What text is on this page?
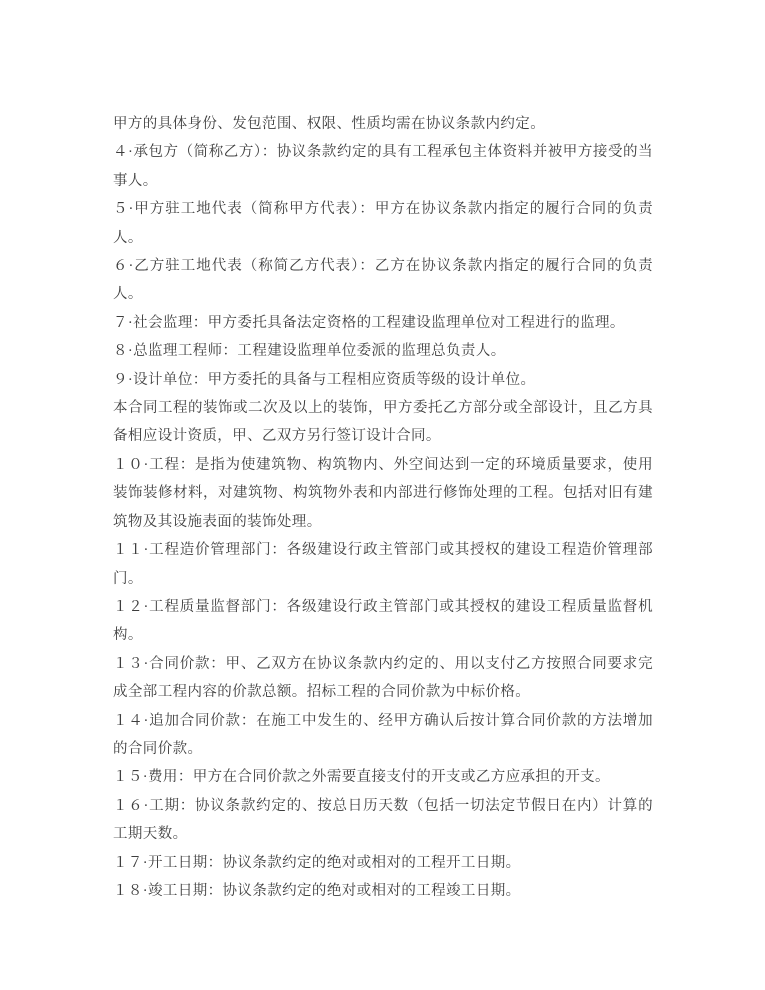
甲方的具体身份、发包范围、权限、性质均需在协议条款内约定。

４·承包方（简称乙方）：协议条款约定的具有工程承包主体资料并被甲方接受的当事人。

５·甲方驻工地代表（简称甲方代表）：甲方在协议条款内指定的履行合同的负责人。

６·乙方驻工地代表（称简乙方代表）：乙方在协议条款内指定的履行合同的负责人。

７·社会监理：甲方委托具备法定资格的工程建设监理单位对工程进行的监理。

８·总监理工程师：工程建设监理单位委派的监理总负责人。

９·设计单位：甲方委托的具备与工程相应资质等级的设计单位。

本合同工程的装饰或二次及以上的装饰，甲方委托乙方部分或全部设计，且乙方具备相应设计资质，甲、乙双方另行签订设计合同。

１０·工程：是指为使建筑物、构筑物内、外空间达到一定的环境质量要求，使用装饰装修材料，对建筑物、构筑物外表和内部进行修饰处理的工程。包括对旧有建筑物及其设施表面的装饰处理。

１１·工程造价管理部门：各级建设行政主管部门或其授权的建设工程造价管理部门。

１２·工程质量监督部门：各级建设行政主管部门或其授权的建设工程质量监督机构。

１３·合同价款：甲、乙双方在协议条款内约定的、用以支付乙方按照合同要求完成全部工程内容的价款总额。招标工程的合同价款为中标价格。

１４·追加合同价款：在施工中发生的、经甲方确认后按计算合同价款的方法增加的合同价款。

１５·费用：甲方在合同价款之外需要直接支付的开支或乙方应承担的开支。

１６·工期：协议条款约定的、按总日历天数（包括一切法定节假日在内）计算的工期天数。

１７·开工日期：协议条款约定的绝对或相对的工程开工日期。

１８·竣工日期：协议条款约定的绝对或相对的工程竣工日期。
